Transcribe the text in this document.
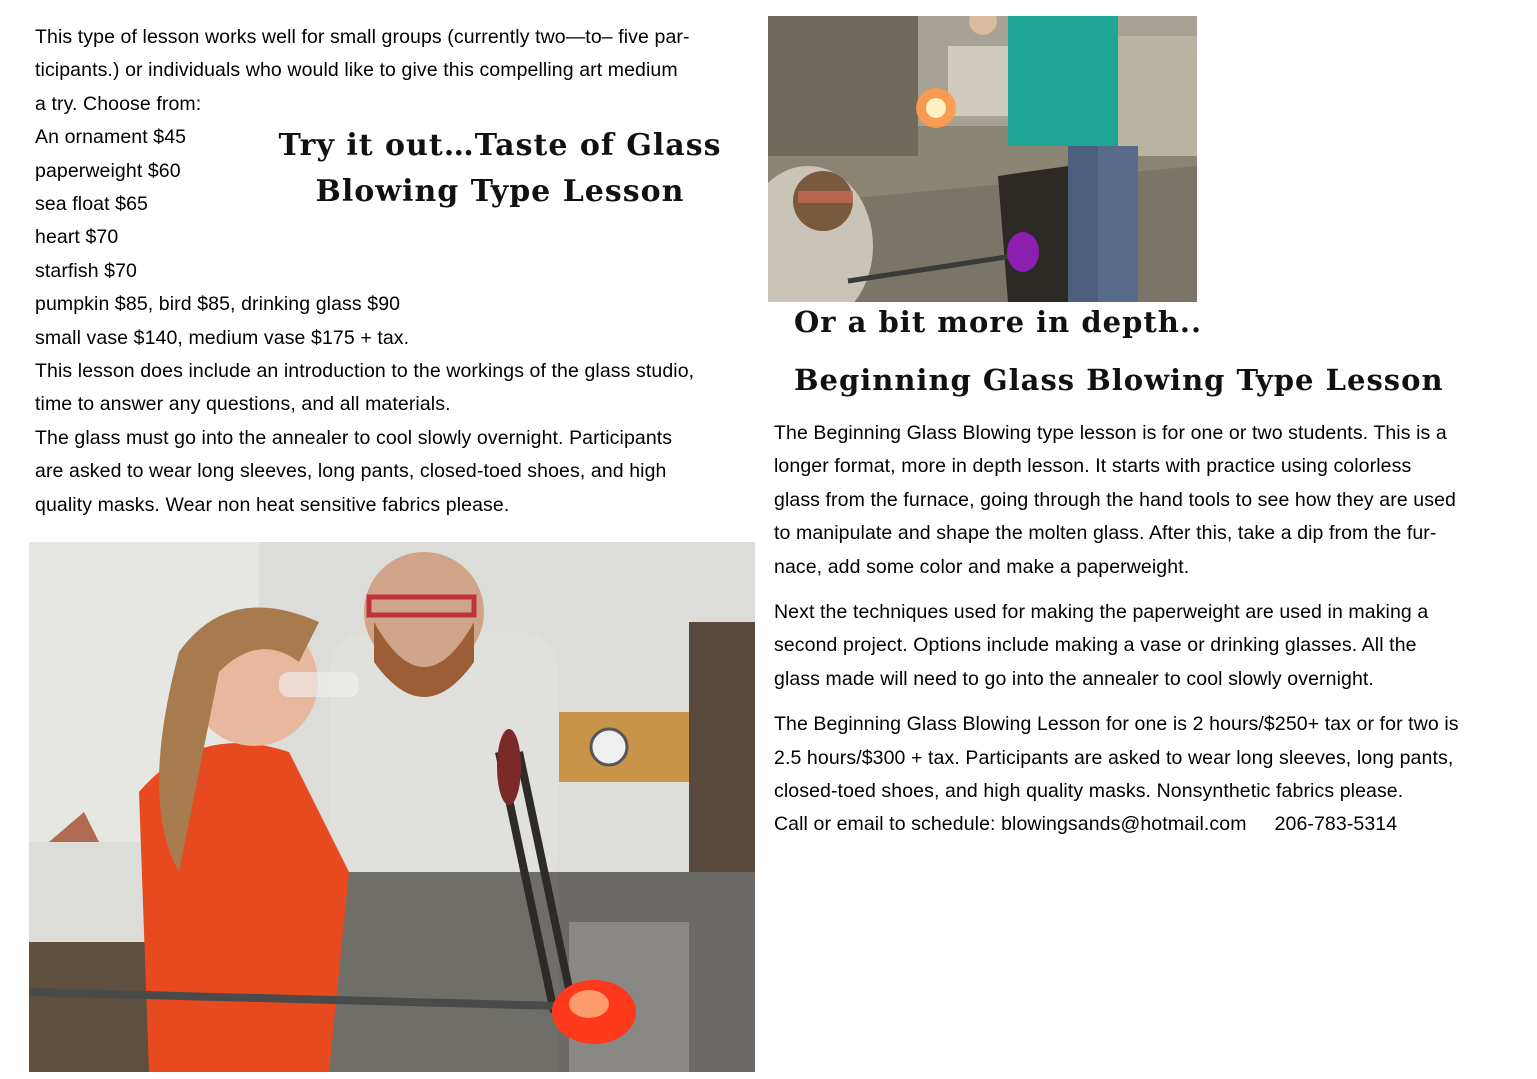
This type of lesson works well for small groups (currently two—to– five par-
ticipants.) or individuals who would like to give this compelling art medium
a try. Choose from:
An ornament $45
paperweight $60
sea float $65
heart $70
starfish $70
pumpkin $85, bird $85, drinking glass $90
small vase $140, medium vase $175 + tax.
This lesson does include an introduction to the workings of the glass studio,
time to answer any questions, and all materials.
The glass must go into the annealer to cool slowly overnight. Participants
are asked to wear long sleeves, long pants, closed-toed shoes, and high
quality masks. Wear non heat sensitive fabrics please.
Try it out…Taste of Glass
Blowing Type Lesson
Or a bit more in depth..
Beginning Glass Blowing Type Lesson

The Beginning Glass Blowing type lesson is for one or two students. This is a
longer format, more in depth lesson. It starts with practice using colorless
glass from the furnace, going through the hand tools to see how they are used
to manipulate and shape the molten glass. After this, take a dip from the fur-
nace, add some color and make a paperweight.

Next the techniques used for making the paperweight are used in making a
second project. Options include making a vase or drinking glasses. All the
glass made will need to go into the annealer to cool slowly overnight.

The Beginning Glass Blowing Lesson for one is 2 hours/$250+ tax or for two is
2.5 hours/$300 + tax. Participants are asked to wear long sleeves, long pants,
closed-toed shoes, and high quality masks. Nonsynthetic fabrics please.
Call or email to schedule: blowingsands@hotmail.com 206-783-5314
